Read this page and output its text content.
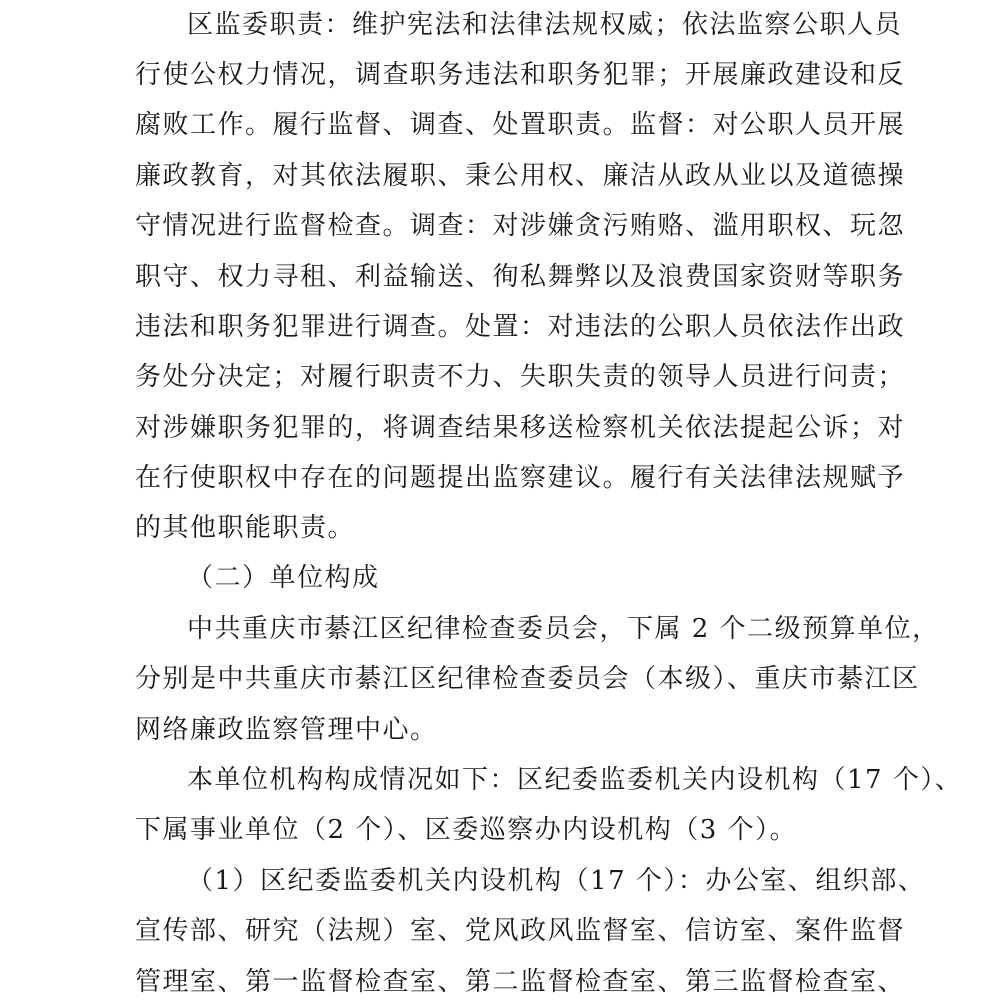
区监委职责：维护宪法和法律法规权威；依法监察公职人员
行使公权力情况，调查职务违法和职务犯罪；开展廉政建设和反
腐败工作。履行监督、调查、处置职责。监督：对公职人员开展
廉政教育，对其依法履职、秉公用权、廉洁从政从业以及道德操
守情况进行监督检查。调查：对涉嫌贪污贿赂、滥用职权、玩忽
职守、权力寻租、利益输送、徇私舞弊以及浪费国家资财等职务
违法和职务犯罪进行调查。处置：对违法的公职人员依法作出政
务处分决定；对履行职责不力、失职失责的领导人员进行问责；
对涉嫌职务犯罪的，将调查结果移送检察机关依法提起公诉；对
在行使职权中存在的问题提出监察建议。履行有关法律法规赋予
的其他职能职责。
（二）单位构成
中共重庆市綦江区纪律检查委员会，下属 2 个二级预算单位，
分别是中共重庆市綦江区纪律检查委员会（本级）、重庆市綦江区
网络廉政监察管理中心。
本单位机构构成情况如下：区纪委监委机关内设机构（17 个）、
下属事业单位（2 个）、区委巡察办内设机构（3 个）。
（1）区纪委监委机关内设机构（17 个）：办公室、组织部、
宣传部、研究（法规）室、党风政风监督室、信访室、案件监督
管理室、第一监督检查室、第二监督检查室、第三监督检查室、
